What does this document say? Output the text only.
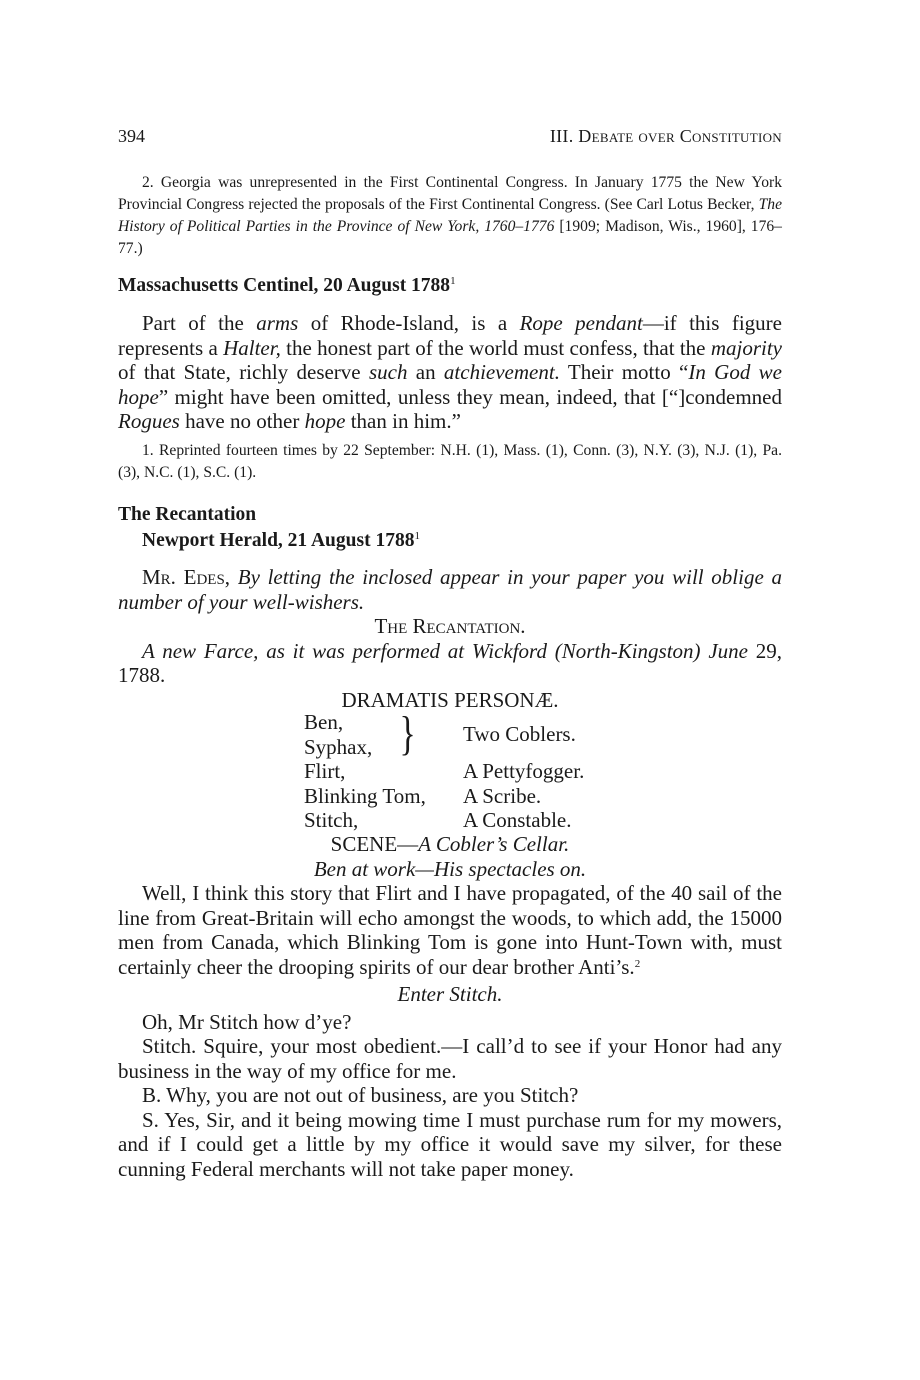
394	III. Debate over Constitution

2. Georgia was unrepresented in the First Continental Congress. In January 1775 the New York Provincial Congress rejected the proposals of the First Continental Congress. (See Carl Lotus Becker, The History of Political Parties in the Province of New York, 1760–1776 [1909; Madison, Wis., 1960], 176–77.)

Massachusetts Centinel, 20 August 1788$^1$

Part of the arms of Rhode-Island, is a Rope pendant—if this figure represents a Halter, the honest part of the world must confess, that the majority of that State, richly deserve such an atchievement. Their motto “In God we hope” might have been omitted, unless they mean, indeed, that [“]condemned Rogues have no other hope than in him.”

1. Reprinted fourteen times by 22 September: N.H. (1), Mass. (1), Conn. (3), N.Y. (3), N.J. (1), Pa. (3), N.C. (1), S.C. (1).

The Recantation
Newport Herald, 21 August 1788$^1$

Mr. Edes, By letting the inclosed appear in your paper you will oblige a number of your well-wishers.

The Recantation.

A new Farce, as it was performed at Wickford (North-Kingston) June 29, 1788.

DRAMATIS PERSONÆ.

Ben,
Syphax, } Two Coblers.
Flirt,	A Pettyfogger.
Blinking Tom, A Scribe.
Stitch,	A Constable.

SCENE—A Cobler’s Cellar.

Ben at work—His spectacles on.

Well, I think this story that Flirt and I have propagated, of the 40 sail of the line from Great-Britain will echo amongst the woods, to which add, the 15000 men from Canada, which Blinking Tom is gone into Hunt-Town with, must certainly cheer the drooping spirits of our dear brother Anti’s.$^2$

Enter Stitch.

Oh, Mr Stitch how d’ye?

Stitch. Squire, your most obedient.—I call’d to see if your Honor had any business in the way of my office for me.

B. Why, you are not out of business, are you Stitch?

S. Yes, Sir, and it being mowing time I must purchase rum for my mowers, and if I could get a little by my office it would save my silver, for these cunning Federal merchants will not take paper money.
